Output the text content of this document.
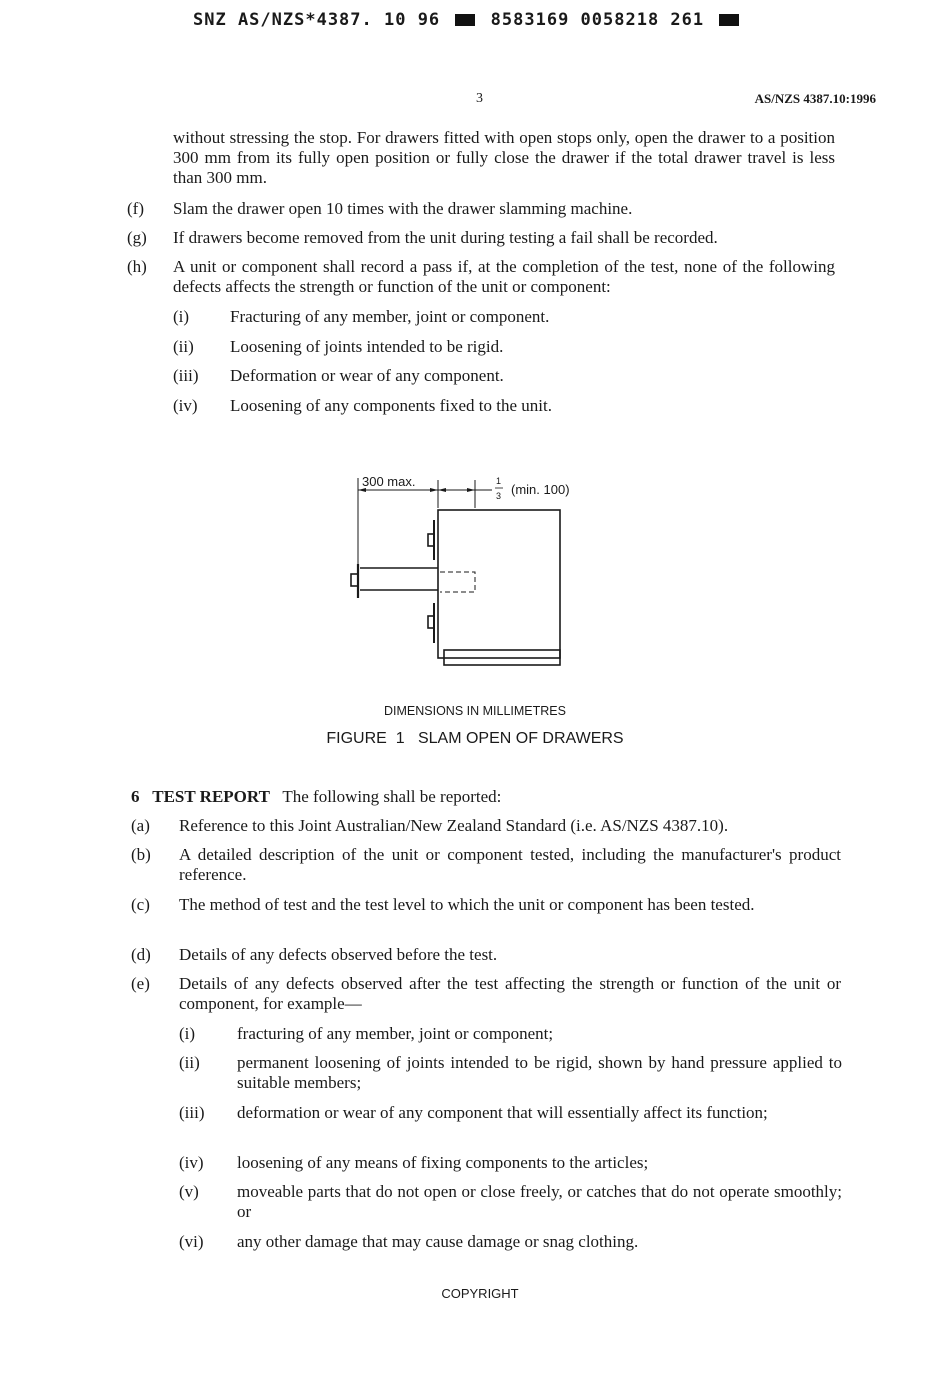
SNZ AS/NZS*4387. 10 96	8583169 0058218 261
3	AS/NZS 4387.10:1996
without stressing the stop. For drawers fitted with open stops only, open the drawer to a position 300 mm from its fully open position or fully close the drawer if the total drawer travel is less than 300 mm.
(f) Slam the drawer open 10 times with the drawer slamming machine.
(g) If drawers become removed from the unit during testing a fail shall be recorded.
(h) A unit or component shall record a pass if, at the completion of the test, none of the following defects affects the strength or function of the unit or component:
(i) Fracturing of any member, joint or component.
(ii) Loosening of joints intended to be rigid.
(iii) Deformation or wear of any component.
(iv) Loosening of any components fixed to the unit.
300 max.	1
3 (min. 100)
DIMENSIONS IN MILLIMETRES
FIGURE  1   SLAM OPEN OF DRAWERS
6 TEST REPORT The following shall be reported:
(a) Reference to this Joint Australian/New Zealand Standard (i.e. AS/NZS 4387.10).
(b) A detailed description of the unit or component tested, including the manufacturer's product reference.
(c) The method of test and the test level to which the unit or component has been tested.
(d) Details of any defects observed before the test.
(e) Details of any defects observed after the test affecting the strength or function of the unit or component, for example—
(i) fracturing of any member, joint or component;
(ii) permanent loosening of joints intended to be rigid, shown by hand pressure applied to suitable members;
(iii) deformation or wear of any component that will essentially affect its function;
(iv) loosening of any means of fixing components to the articles;
(v) moveable parts that do not open or close freely, or catches that do not operate smoothly; or
(vi) any other damage that may cause damage or snag clothing.
COPYRIGHT
